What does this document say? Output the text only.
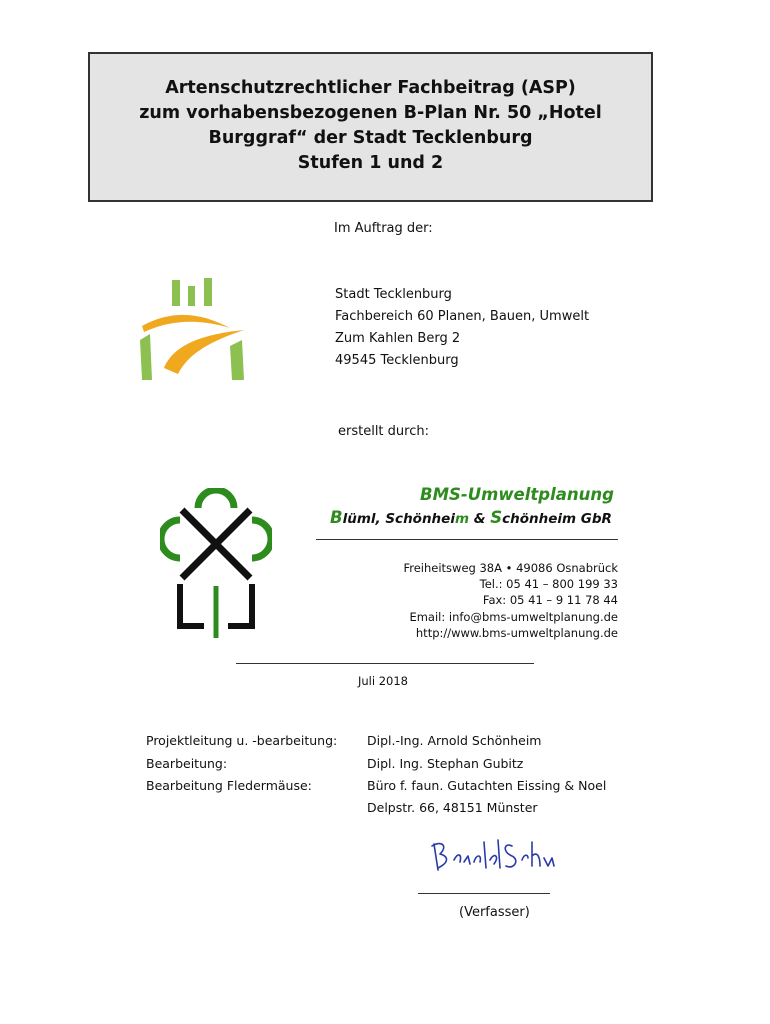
Artenschutzrechtlicher Fachbeitrag (ASP)
zum vorhabensbezogenen B-Plan Nr. 50 „Hotel
Burggraf“ der Stadt Tecklenburg
Stufen 1 und 2
Im Auftrag der:
Stadt Tecklenburg
Fachbereich 60 Planen, Bauen, Umwelt
Zum Kahlen Berg 2
49545 Tecklenburg
erstellt durch:
BMS-Umweltplanung
Blüml, Schönheim & Schönheim GbR
Freiheitsweg 38A • 49086 Osnabrück
Tel.: 05 41 – 800 199 33
Fax: 05 41 – 9 11 78 44
Email: info@bms-umweltplanung.de
http://www.bms-umweltplanung.de
Juli 2018
Projektleitung u. -bearbeitung: Dipl.-Ing. Arnold Schönheim
Bearbeitung:	Dipl. Ing. Stephan Gubitz
Bearbeitung Fledermäuse:	Büro f. faun. Gutachten Eissing & Noel
Delpstr. 66, 48151 Münster
(Verfasser)
